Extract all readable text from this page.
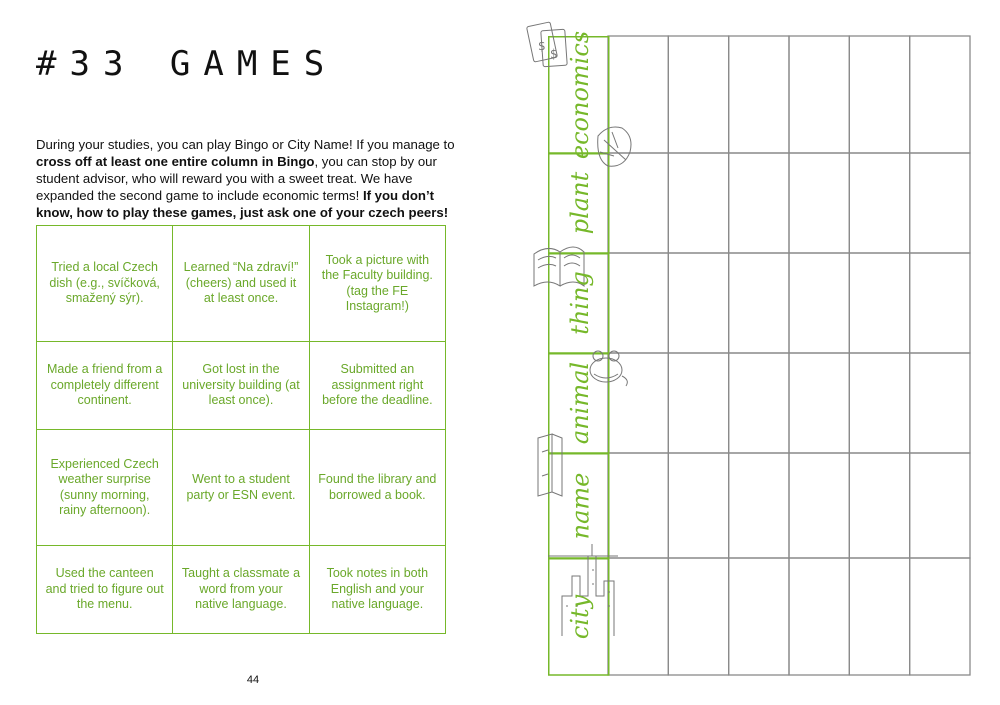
#33 GAMES

During your studies, you can play Bingo or City Name! If you manage to cross off at least one entire column in Bingo, you can stop by our student advisor, who will reward you with a sweet treat. We have expanded the second game to include economic terms! If you don’t know, how to play these games, just ask one of your czech peers!

Tried a local Czech dish (e.g., svíčková, smažený sýr).	Learned “Na zdraví!” (cheers) and used it at least once.	Took a picture with the Faculty building. (tag the FE Instagram!)
Made a friend from a completely different continent.	Got lost in the university building (at least once).	Submitted an assignment right before the deadline.
Experienced Czech weather surprise (sunny morning, rainy afternoon).	Went to a student party or ESN event.	Found the library and borrowed a book.
Used the canteen and tried to figure out the menu.	Taught a classmate a word from your native language.	Took notes in both English and your native language.
44
$
$ economics
plant
thing
animal
name
city
